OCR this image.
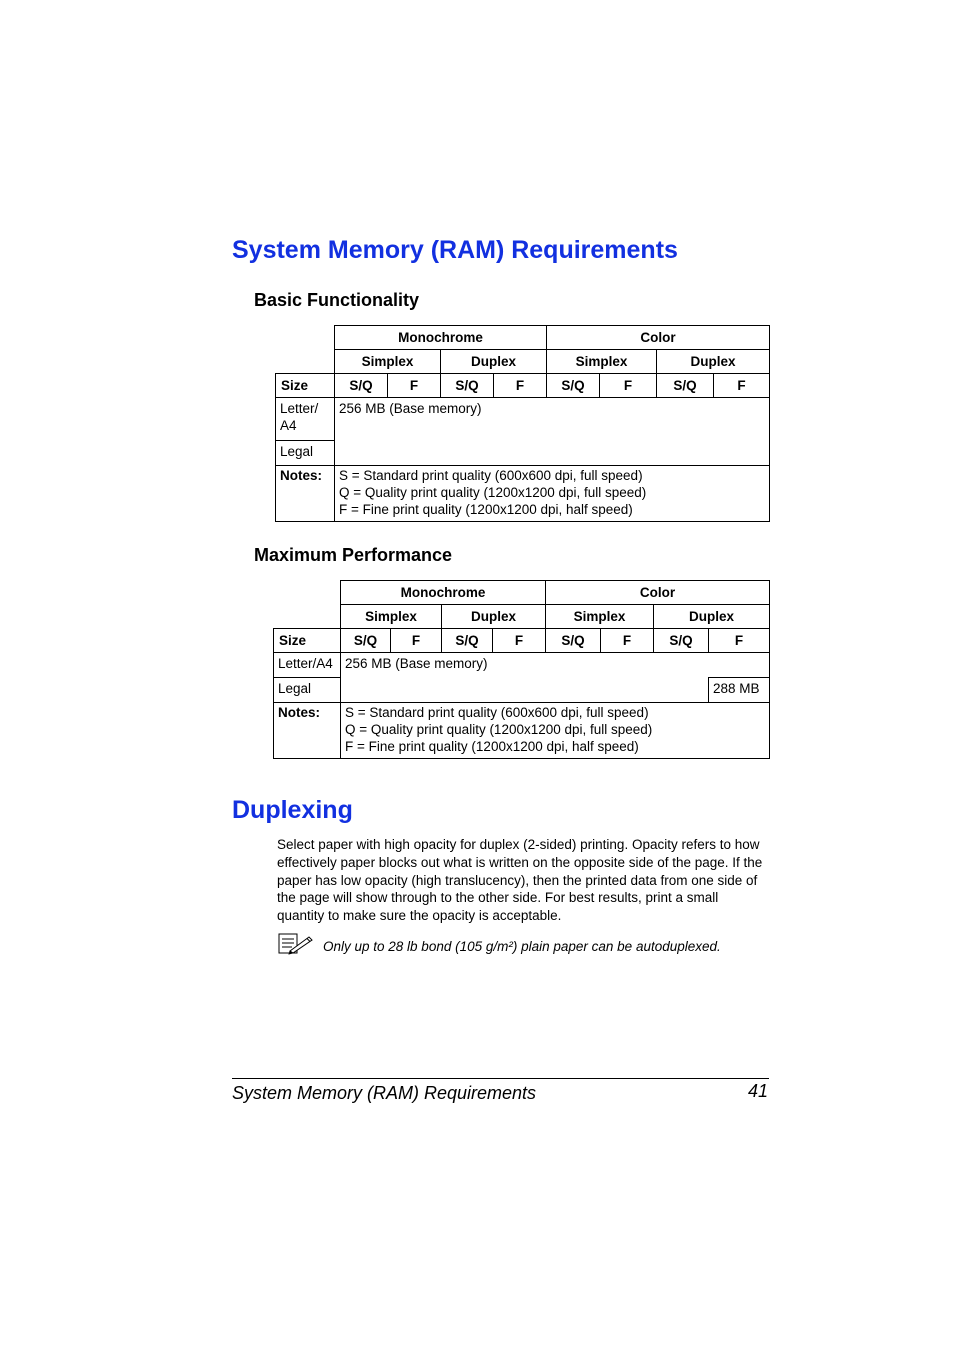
System Memory (RAM) Requirements
Basic Functionality
	Monochrome				Color			
	Simplex		Duplex		Simplex		Duplex	
Size	S/Q	F	S/Q	F	S/Q	F	S/Q	F
Letter/ A4	256 MB (Base memory)							
Legal								
Notes:	S = Standard print quality (600x600 dpi, full speed)
Q = Quality print quality (1200x1200 dpi, full speed)
F = Fine print quality (1200x1200 dpi, half speed)							
Maximum Performance
	Monochrome				Color			
	Simplex		Duplex		Simplex		Duplex	
Size	S/Q	F	S/Q	F	S/Q	F	S/Q	F
Letter/A4	256 MB (Base memory)							
Legal								288 MB
Notes:	S = Standard print quality (600x600 dpi, full speed)
Q = Quality print quality (1200x1200 dpi, full speed)
F = Fine print quality (1200x1200 dpi, half speed)							
Duplexing

Select paper with high opacity for duplex (2-sided) printing. Opacity refers to how effectively paper blocks out what is written on the opposite side of the page. If the paper has low opacity (high translucency), then the printed data from one side of the page will show through to the other side. For best results, print a small quantity to make sure the opacity is acceptable.

Only up to 28 lb bond (105 g/m²) plain paper can be autoduplexed.

System Memory (RAM) Requirements	41
